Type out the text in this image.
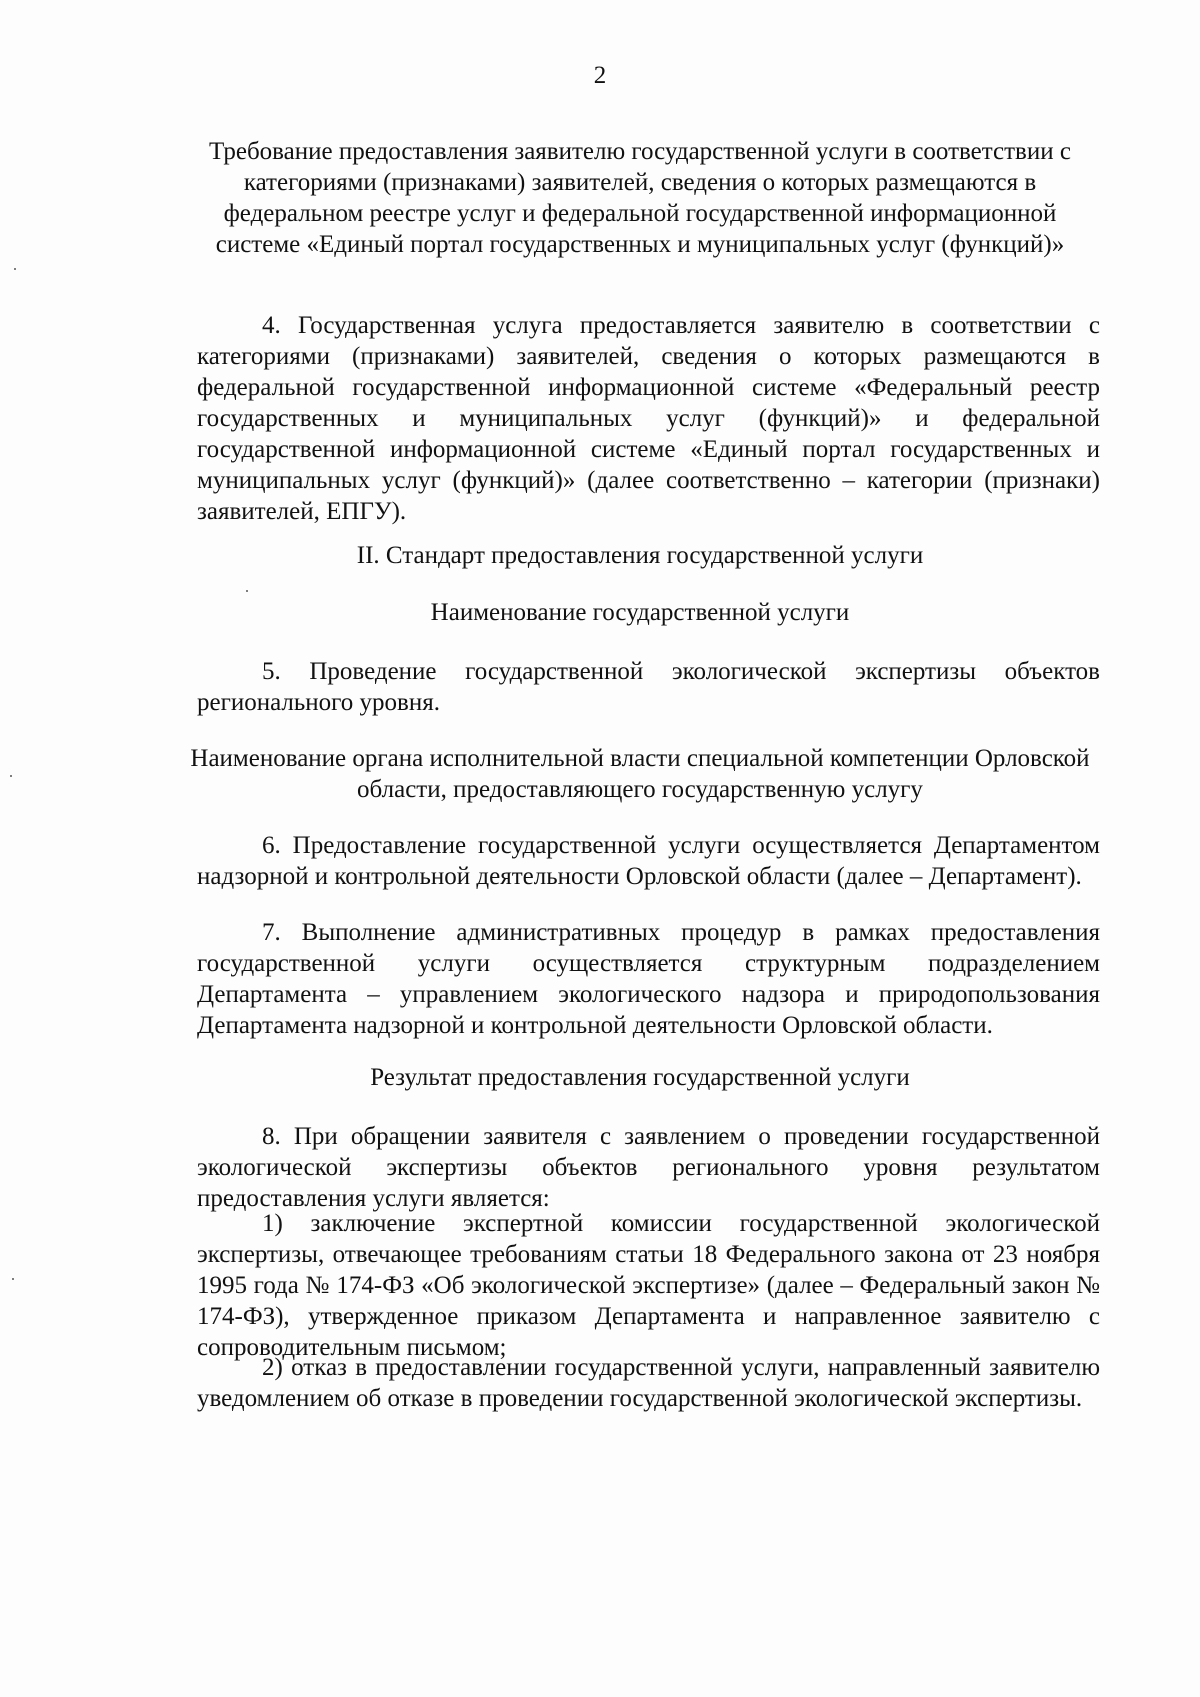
2
Требование предоставления заявителю государственной услуги в соответствии с категориями (признаками) заявителей, сведения о которых размещаются в федеральном реестре услуг и федеральной государственной информационной системе «Единый портал государственных и муниципальных услуг (функций)»
4. Государственная услуга предоставляется заявителю в соответствии с категориями (признаками) заявителей, сведения о которых размещаются в федеральной государственной информационной системе «Федеральный реестр государственных и муниципальных услуг (функций)» и федеральной государственной информационной системе «Единый портал государственных и муниципальных услуг (функций)» (далее соответственно – категории (признаки) заявителей, ЕПГУ).
II. Стандарт предоставления государственной услуги
Наименование государственной услуги
5. Проведение государственной экологической экспертизы объектов регионального уровня.
Наименование органа исполнительной власти специальной компетенции Орловской области, предоставляющего государственную услугу
6. Предоставление государственной услуги осуществляется Департаментом надзорной и контрольной деятельности Орловской области (далее – Департамент).
7. Выполнение административных процедур в рамках предоставления государственной услуги осуществляется структурным подразделением Департамента – управлением экологического надзора и природопользования Департамента надзорной и контрольной деятельности Орловской области.
Результат предоставления государственной услуги
8. При обращении заявителя с заявлением о проведении государственной экологической экспертизы объектов регионального уровня результатом предоставления услуги является:
1) заключение экспертной комиссии государственной экологической экспертизы, отвечающее требованиям статьи 18 Федерального закона от 23 ноября 1995 года № 174-ФЗ «Об экологической экспертизе» (далее – Федеральный закон № 174-ФЗ), утвержденное приказом Департамента и направленное заявителю с сопроводительным письмом;
2) отказ в предоставлении государственной услуги, направленный заявителю уведомлением об отказе в проведении государственной экологической экспертизы.
